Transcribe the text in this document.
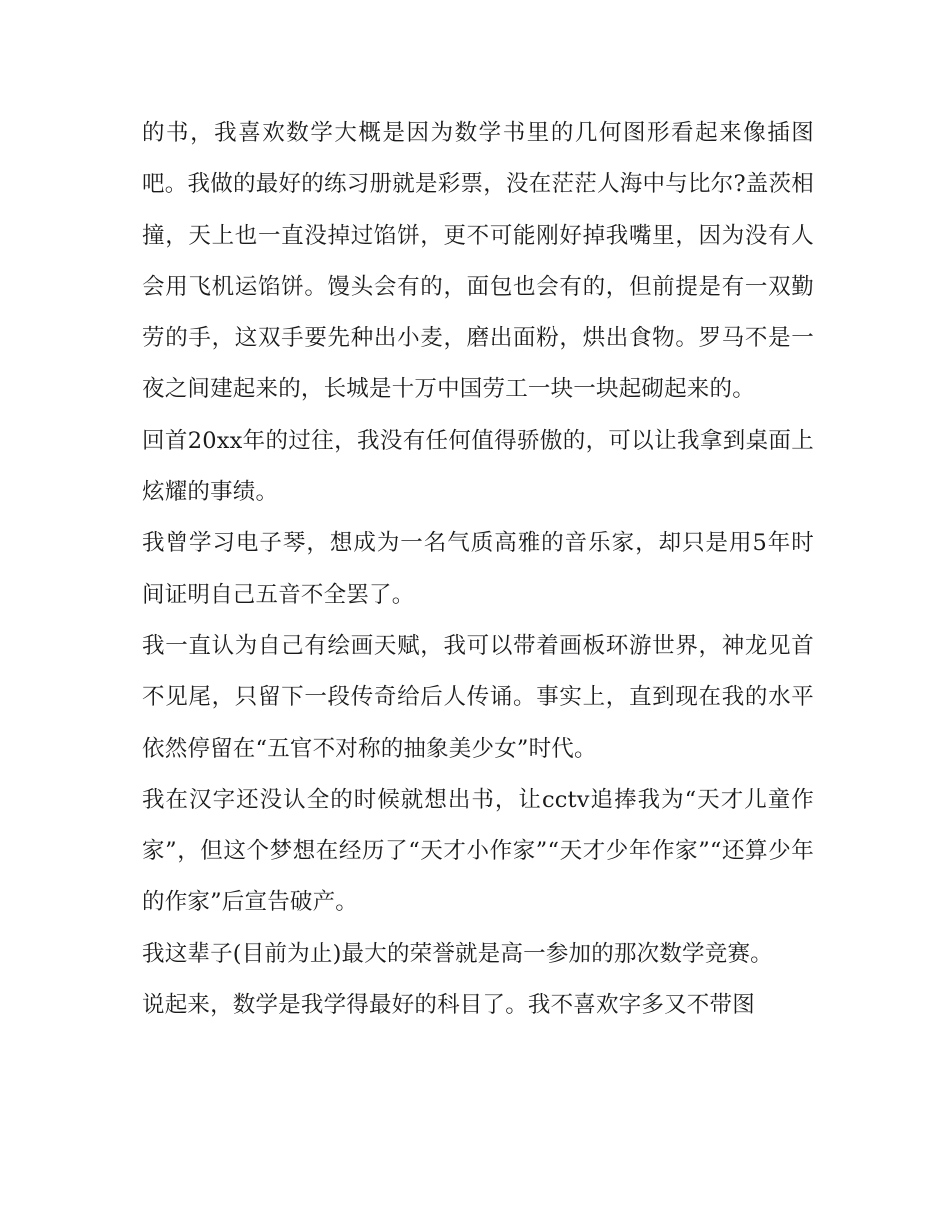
的书，我喜欢数学大概是因为数学书里的几何图形看起来像插图吧。我做的最好的练习册就是彩票，没在茫茫人海中与比尔?盖茨相撞，天上也一直没掉过馅饼，更不可能刚好掉我嘴里，因为没有人会用飞机运馅饼。馒头会有的，面包也会有的，但前提是有一双勤劳的手，这双手要先种出小麦，磨出面粉，烘出食物。罗马不是一夜之间建起来的，长城是十万中国劳工一块一块起砌起来的。

回首20xx年的过往，我没有任何值得骄傲的，可以让我拿到桌面上炫耀的事绩。

我曾学习电子琴，想成为一名气质高雅的音乐家，却只是用5年时间证明自己五音不全罢了。

我一直认为自己有绘画天赋，我可以带着画板环游世界，神龙见首不见尾，只留下一段传奇给后人传诵。事实上，直到现在我的水平依然停留在“五官不对称的抽象美少女”时代。

我在汉字还没认全的时候就想出书，让cctv追捧我为“天才儿童作家”，但这个梦想在经历了“天才小作家”“天才少年作家”“还算少年的作家”后宣告破产。

我这辈子(目前为止)最大的荣誉就是高一参加的那次数学竞赛。

说起来，数学是我学得最好的科目了。我不喜欢字多又不带图
